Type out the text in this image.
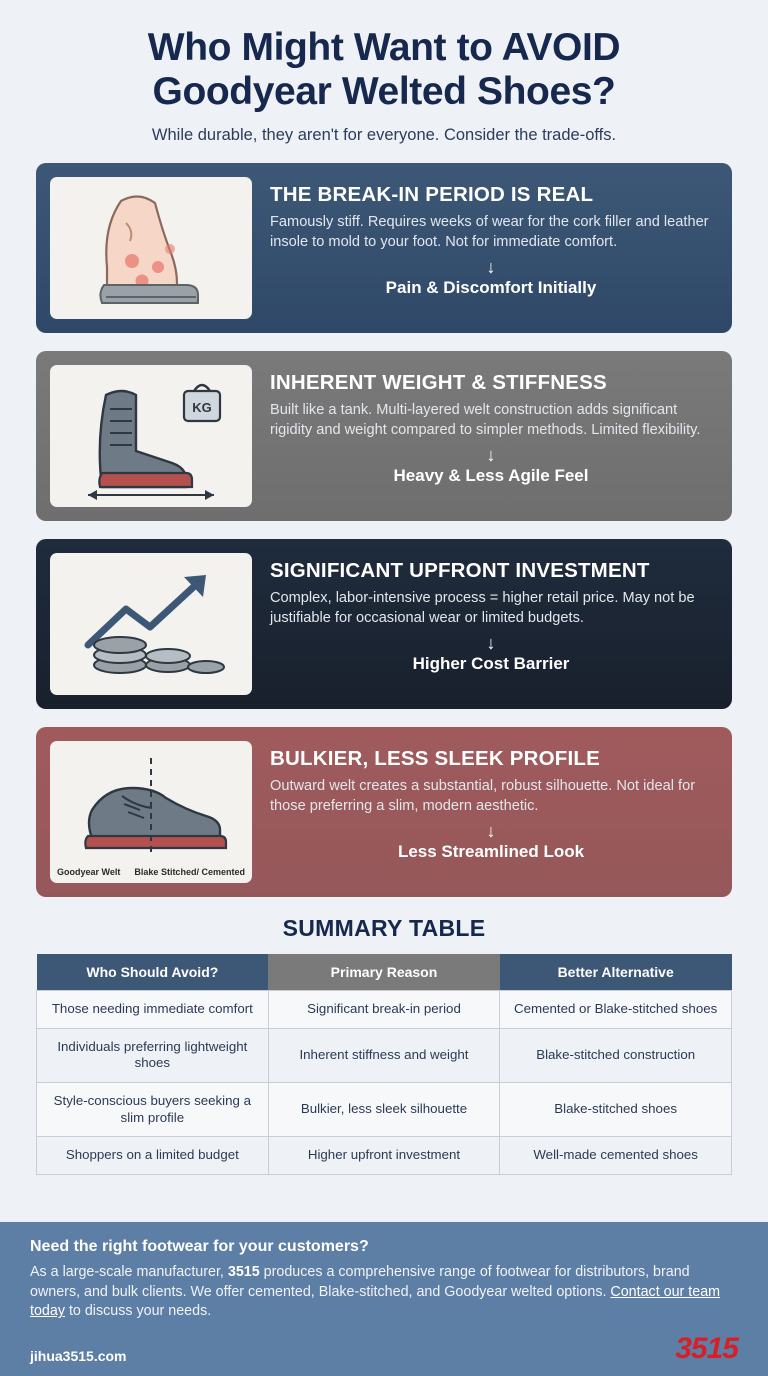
Who Might Want to AVOID
Goodyear Welted Shoes?
While durable, they aren't for everyone. Consider the trade-offs.
THE BREAK-IN PERIOD IS REAL
Famously stiff. Requires weeks of wear for the cork filler and leather insole to mold to your foot. Not for immediate comfort.
↓
Pain & Discomfort Initially
KG
INHERENT WEIGHT & STIFFNESS
Built like a tank. Multi-layered welt construction adds significant rigidity and weight compared to simpler methods. Limited flexibility.
↓
Heavy & Less Agile Feel
SIGNIFICANT UPFRONT INVESTMENT
Complex, labor-intensive process = higher retail price. May not be justifiable for occasional wear or limited budgets.
↓
Higher Cost Barrier
Goodyear Welt Blake Stitched/ Cemented
BULKIER, LESS SLEEK PROFILE
Outward welt creates a substantial, robust silhouette. Not ideal for those preferring a slim, modern aesthetic.
↓
Less Streamlined Look
SUMMARY TABLE
Who Should Avoid?	Primary Reason	Better Alternative
Those needing immediate comfort	Significant break-in period	Cemented or Blake-stitched shoes
Individuals preferring lightweight shoes	Inherent stiffness and weight	Blake-stitched construction
Style-conscious buyers seeking a slim profile	Bulkier, less sleek silhouette	Blake-stitched shoes
Shoppers on a limited budget	Higher upfront investment	Well-made cemented shoes
Need the right footwear for your customers?
As a large-scale manufacturer, 3515 produces a comprehensive range of footwear for distributors, brand owners, and bulk clients. We offer cemented, Blake-stitched, and Goodyear welted options. Contact our team today to discuss your needs.
jihua3515.com	3515
